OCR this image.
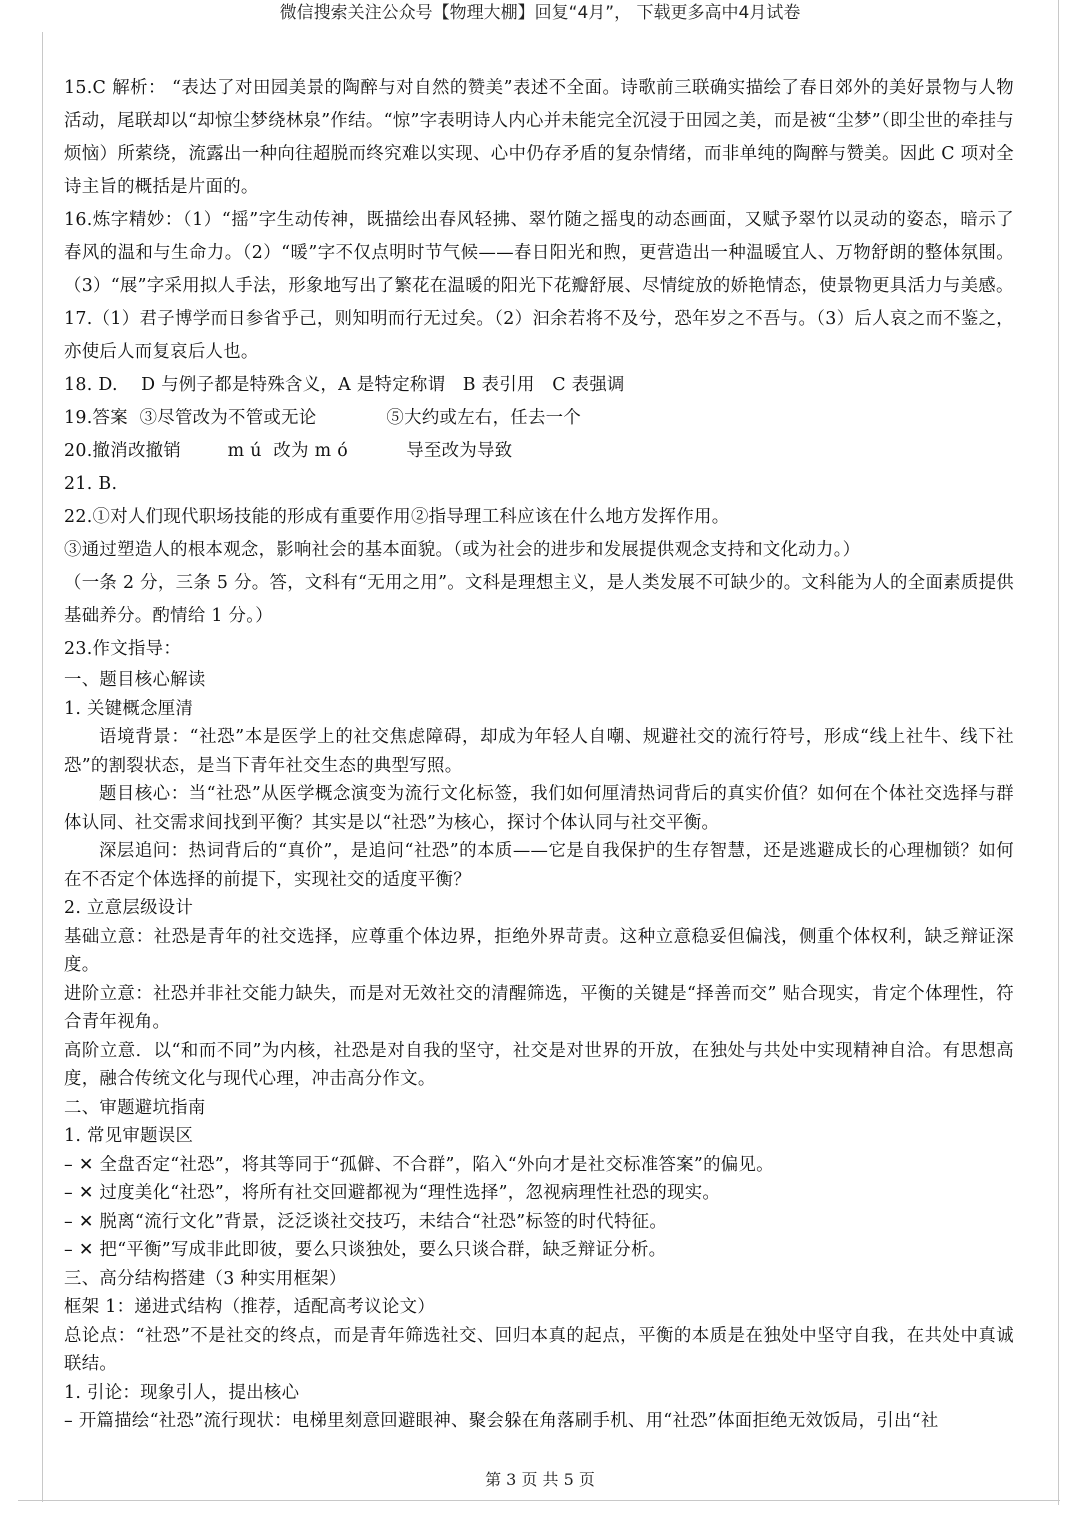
微信搜索关注公众号【物理大棚】回复“4月”， 下载更多高中4月试卷

15.C 解析： “表达了对田园美景的陶醉与对自然的赞美”表述不全面。诗歌前三联确实描绘了春日郊外的美好景物与人物活动，尾联却以“却惊尘梦绕林泉”作结。“惊”字表明诗人内心并未能完全沉浸于田园之美，而是被“尘梦”（即尘世的牵挂与烦恼）所萦绕，流露出一种向往超脱而终究难以实现、心中仍存矛盾的复杂情绪，而非单纯的陶醉与赞美。因此 C 项对全诗主旨的概括是片面的。

16.炼字精妙：（1）“摇”字生动传神，既描绘出春风轻拂、翠竹随之摇曳的动态画面，又赋予翠竹以灵动的姿态，暗示了春风的温和与生命力。（2）“暖”字不仅点明时节气候——春日阳光和煦，更营造出一种温暖宜人、万物舒朗的整体氛围。（3）“展”字采用拟人手法，形象地写出了繁花在温暖的阳光下花瓣舒展、尽情绽放的娇艳情态，使景物更具活力与美感。

17.（1）君子博学而日参省乎己，则知明而行无过矣。（2）汩余若将不及兮，恐年岁之不吾与。（3）后人哀之而不鉴之，亦使后人而复哀后人也。

18. D.    D 与例子都是特殊含义，A 是特定称谓   B 表引用   C 表强调

19.答案  ③尽管改为不管或无论            ⑤大约或左右，任去一个

20.撤消改撤销        m ú  改为 m ó          导至改为导致

21. B.

22.①对人们现代职场技能的形成有重要作用②指导理工科应该在什么地方发挥作用。

③通过塑造人的根本观念，影响社会的基本面貌。（或为社会的进步和发展提供观念支持和文化动力。）

（一条 2 分，三条 5 分。答，文科有“无用之用”。文科是理想主义，是人类发展不可缺少的。文科能为人的全面素质提供基础养分。酌情给 1 分。）

23.作文指导：

一、题目核心解读

1. 关键概念厘清

语境背景：“社恐”本是医学上的社交焦虑障碍，却成为年轻人自嘲、规避社交的流行符号，形成“线上社牛、线下社恐”的割裂状态，是当下青年社交生态的典型写照。

题目核心：当“社恐”从医学概念演变为流行文化标签，我们如何厘清热词背后的真实价值？如何在个体社交选择与群体认同、社交需求间找到平衡？其实是以“社恐”为核心，探讨个体认同与社交平衡。

深层追问：热词背后的“真价”，是追问“社恐”的本质——它是自我保护的生存智慧，还是逃避成长的心理枷锁？如何在不否定个体选择的前提下，实现社交的适度平衡？

2. 立意层级设计

基础立意：社恐是青年的社交选择，应尊重个体边界，拒绝外界苛责。这种立意稳妥但偏浅，侧重个体权利，缺乏辩证深度。

进阶立意：社恐并非社交能力缺失，而是对无效社交的清醒筛选，平衡的关键是“择善而交” 贴合现实，肯定个体理性，符合青年视角。

高阶立意．以“和而不同”为内核，社恐是对自我的坚守，社交是对世界的开放，在独处与共处中实现精神自洽。有思想高度，融合传统文化与现代心理，冲击高分作文。

二、审题避坑指南

1. 常见审题误区

– ✕ 全盘否定“社恐”，将其等同于“孤僻、不合群”，陷入“外向才是社交标准答案”的偏见。

– ✕ 过度美化“社恐”，将所有社交回避都视为“理性选择”，忽视病理性社恐的现实。

– ✕ 脱离“流行文化”背景，泛泛谈社交技巧，未结合“社恐”标签的时代特征。

– ✕ 把“平衡”写成非此即彼，要么只谈独处，要么只谈合群，缺乏辩证分析。

三、高分结构搭建（3 种实用框架）

框架 1：递进式结构（推荐，适配高考议论文）

总论点：“社恐”不是社交的终点，而是青年筛选社交、回归本真的起点，平衡的本质是在独处中坚守自我，在共处中真诚联结。

1. 引论：现象引人，提出核心

– 开篇描绘“社恐”流行现状：电梯里刻意回避眼神、聚会躲在角落刷手机、用“社恐”体面拒绝无效饭局，引出“社

第 3 页 共 5 页
